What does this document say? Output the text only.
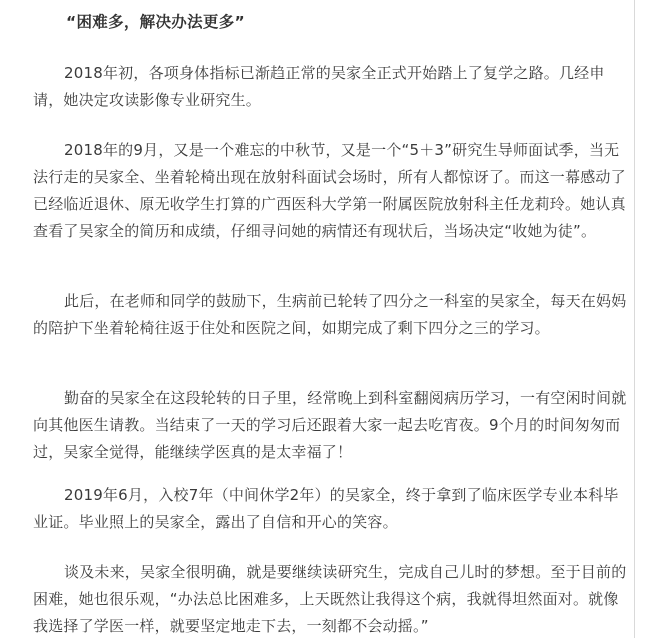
“困难多，解决办法更多”

2018年初，各项身体指标已渐趋正常的吴家全正式开始踏上了复学之路。几经申请，她决定攻读影像专业研究生。

2018年的9月，又是一个难忘的中秋节，又是一个“5＋3”研究生导师面试季，当无法行走的吴家全、坐着轮椅出现在放射科面试会场时，所有人都惊讶了。而这一幕感动了已经临近退休、原无收学生打算的广西医科大学第一附属医院放射科主任龙莉玲。她认真查看了吴家全的简历和成绩，仔细寻问她的病情还有现状后，当场决定“收她为徒”。

此后，在老师和同学的鼓励下，生病前已轮转了四分之一科室的吴家全，每天在妈妈的陪护下坐着轮椅往返于住处和医院之间，如期完成了剩下四分之三的学习。

勤奋的吴家全在这段轮转的日子里，经常晚上到科室翻阅病历学习，一有空闲时间就向其他医生请教。当结束了一天的学习后还跟着大家一起去吃宵夜。9个月的时间匆匆而过，吴家全觉得，能继续学医真的是太幸福了！

2019年6月，入校7年（中间休学2年）的吴家全，终于拿到了临床医学专业本科毕业证。毕业照上的吴家全，露出了自信和开心的笑容。

谈及未来，吴家全很明确，就是要继续读研究生，完成自己儿时的梦想。至于目前的困难，她也很乐观，“办法总比困难多，上天既然让我得这个病，我就得坦然面对。就像我选择了学医一样，就要坚定地走下去，一刻都不会动摇。”
